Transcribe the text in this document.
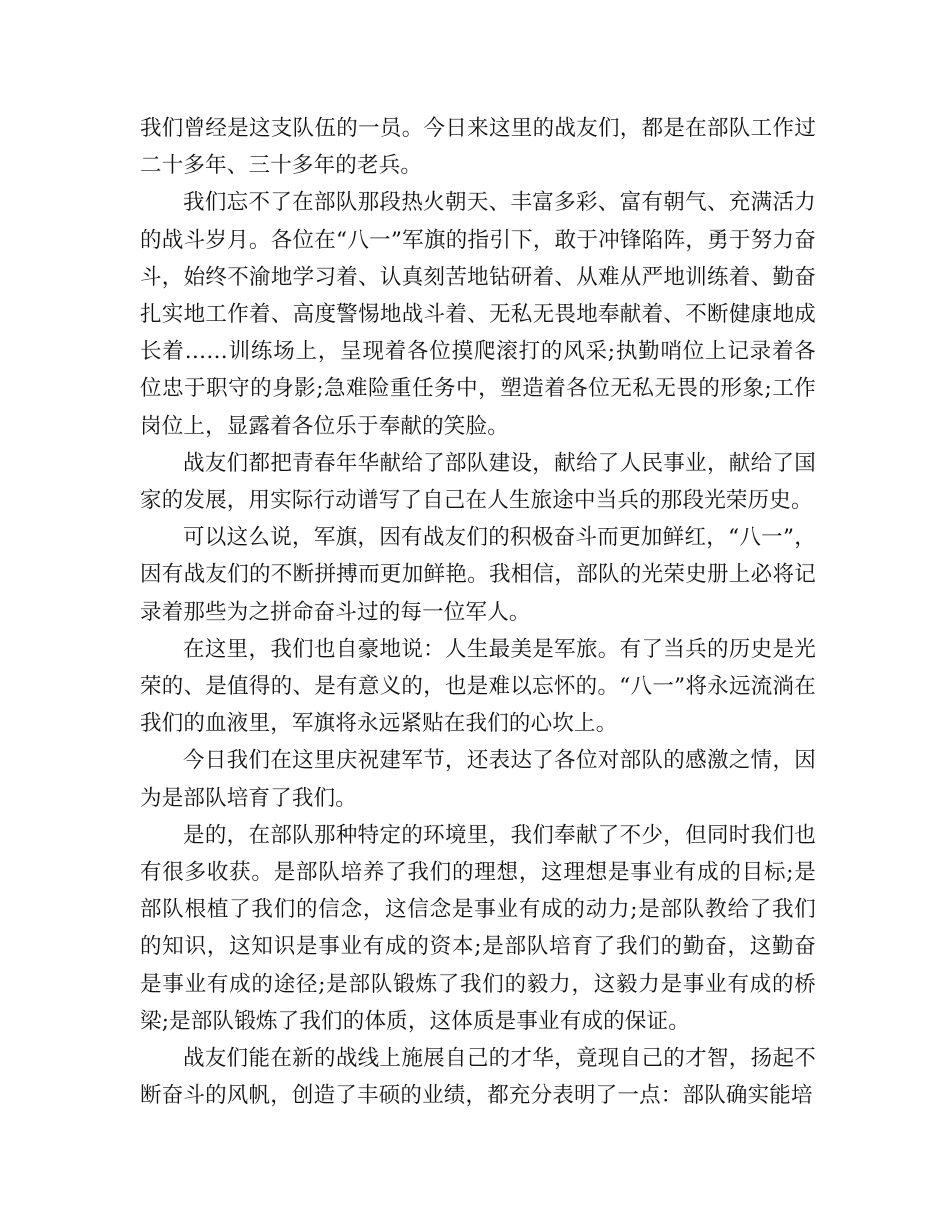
我们曾经是这支队伍的一员。今日来这里的战友们，都是在部队工作过二十多年、三十多年的老兵。

我们忘不了在部队那段热火朝天、丰富多彩、富有朝气、充满活力的战斗岁月。各位在“八一”军旗的指引下，敢于冲锋陷阵，勇于努力奋斗，始终不渝地学习着、认真刻苦地钻研着、从难从严地训练着、勤奋扎实地工作着、高度警惕地战斗着、无私无畏地奉献着、不断健康地成长着……训练场上，呈现着各位摸爬滚打的风采;执勤哨位上记录着各位忠于职守的身影;急难险重任务中，塑造着各位无私无畏的形象;工作岗位上，显露着各位乐于奉献的笑脸。

战友们都把青春年华献给了部队建设，献给了人民事业，献给了国家的发展，用实际行动谱写了自己在人生旅途中当兵的那段光荣历史。

可以这么说，军旗，因有战友们的积极奋斗而更加鲜红，“八一”，因有战友们的不断拼搏而更加鲜艳。我相信，部队的光荣史册上必将记录着那些为之拼命奋斗过的每一位军人。

在这里，我们也自豪地说：人生最美是军旅。有了当兵的历史是光荣的、是值得的、是有意义的，也是难以忘怀的。“八一”将永远流淌在我们的血液里，军旗将永远紧贴在我们的心坎上。

今日我们在这里庆祝建军节，还表达了各位对部队的感激之情，因为是部队培育了我们。

是的，在部队那种特定的环境里，我们奉献了不少，但同时我们也有很多收获。是部队培养了我们的理想，这理想是事业有成的目标;是部队根植了我们的信念，这信念是事业有成的动力;是部队教给了我们的知识，这知识是事业有成的资本;是部队培育了我们的勤奋，这勤奋是事业有成的途径;是部队锻炼了我们的毅力，这毅力是事业有成的桥梁;是部队锻炼了我们的体质，这体质是事业有成的保证。

战友们能在新的战线上施展自己的才华，竟现自己的才智，扬起不断奋斗的风帆，创造了丰硕的业绩，都充分表明了一点：部队确实能培
